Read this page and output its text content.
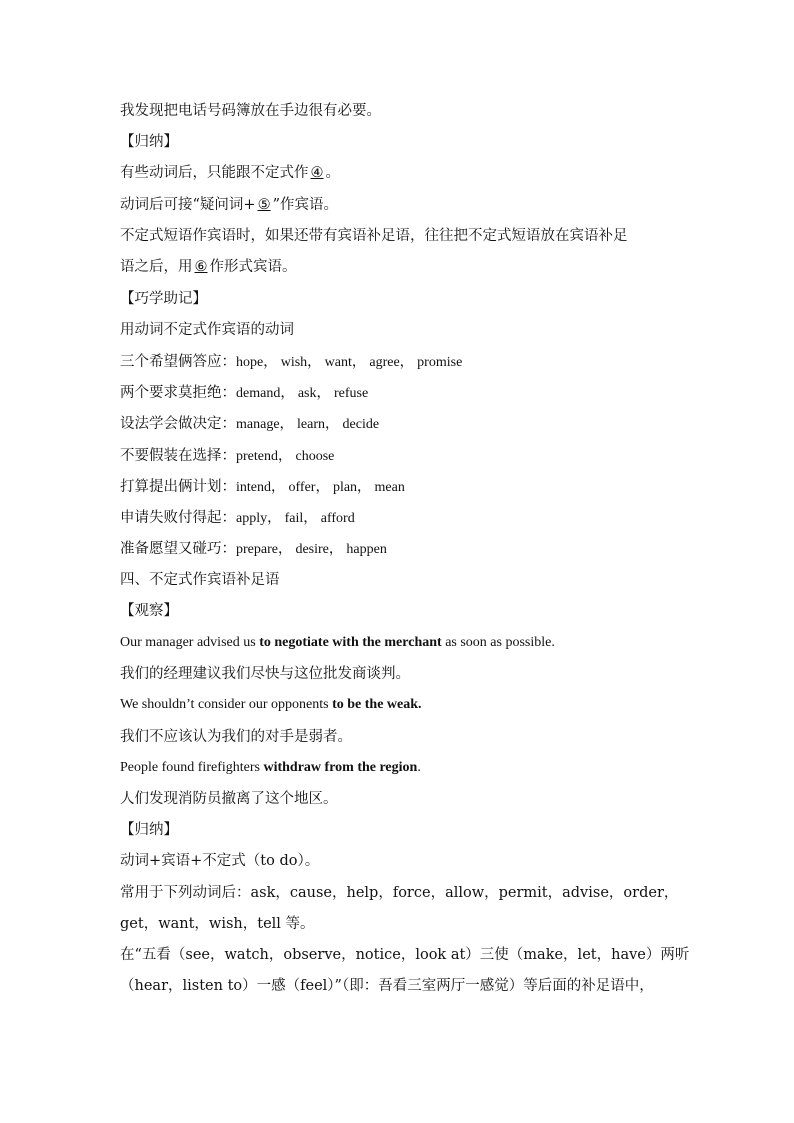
我发现把电话号码簿放在手边很有必要。
【归纳】
有些动词后，只能跟不定式作 ④ 。
动词后可接“疑问词+ ⑤ ”作宾语。
不定式短语作宾语时，如果还带有宾语补足语，往往把不定式短语放在宾语补足
语之后，用 ⑥ 作形式宾语。
【巧学助记】
用动词不定式作宾语的动词
三个希望俩答应：hope， wish， want， agree， promise
两个要求莫拒绝：demand， ask， refuse
设法学会做决定：manage， learn， decide
不要假装在选择：pretend， choose
打算提出俩计划：intend， offer， plan， mean
申请失败付得起：apply， fail， afford
准备愿望又碰巧：prepare， desire， happen
四、不定式作宾语补足语
【观察】
Our manager advised us to negotiate with the merchant as soon as possible.
我们的经理建议我们尽快与这位批发商谈判。
We shouldn’t consider our opponents to be the weak.
我们不应该认为我们的对手是弱者。
People found firefighters withdraw from the region.
人们发现消防员撤离了这个地区。
【归纳】
动词+宾语+不定式（to do）。
常用于下列动词后：ask，cause，help，force，allow，permit，advise，order，
get，want，wish，tell 等。
在“五看（see，watch，observe，notice，look at）三使（make，let，have）两听
（hear，listen to）一感（feel）”（即：吾看三室两厅一感觉）等后面的补足语中，
